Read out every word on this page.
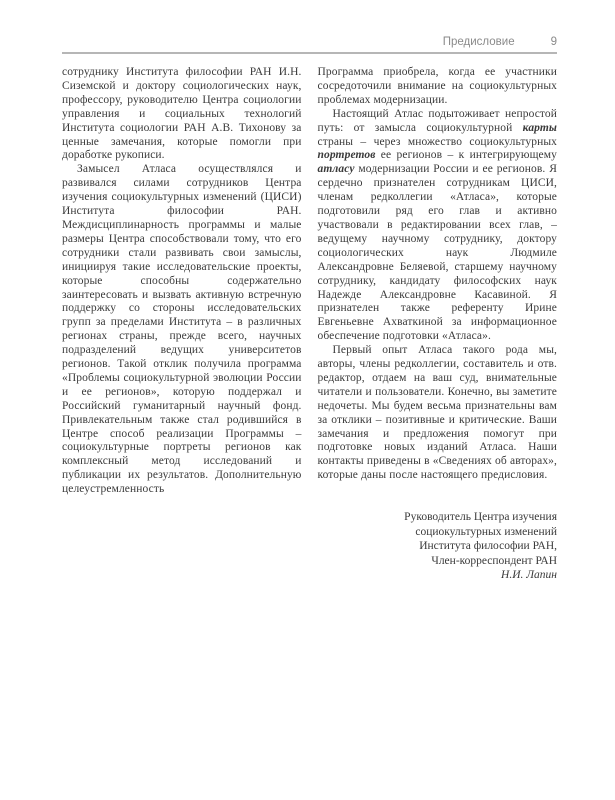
Предисловие	9

сотруднику Института философии РАН И.Н. Сиземской и доктору социологических наук, профессору, руководителю Центра социологии управления и социальных технологий Института социологии РАН А.В. Тихонову за ценные замечания, которые помогли при доработке рукописи.

Замысел Атласа осуществлялся и развивался силами сотрудников Центра изучения социокультурных изменений (ЦИСИ) Института философии РАН. Междисциплинарность программы и малые размеры Центра способствовали тому, что его сотрудники стали развивать свои замыслы, инициируя такие исследовательские проекты, которые способны содержательно заинтересовать и вызвать активную встречную поддержку со стороны исследовательских групп за пределами Института – в различных регионах страны, прежде всего, научных подразделений ведущих университетов регионов. Такой отклик получила программа «Проблемы социокультурной эволюции России и ее регионов», которую поддержал и Российский гуманитарный научный фонд. Привлекательным также стал родившийся в Центре способ реализации Программы – социокультурные портреты регионов как комплексный метод исследований и публикации их результатов. Дополнительную целеустремленность

Программа приобрела, когда ее участники сосредоточили внимание на социокультурных проблемах модернизации.

Настоящий Атлас подытоживает непростой путь: от замысла социокультурной карты страны – через множество социокультурных портретов ее регионов – к интегрирующему атласу модернизации России и ее регионов. Я сердечно признателен сотрудникам ЦИСИ, членам редколлегии «Атласа», которые подготовили ряд его глав и активно участвовали в редактировании всех глав, – ведущему научному сотруднику, доктору социологических наук Людмиле Александровне Беляевой, старшему научному сотруднику, кандидату философских наук Надежде Александровне Касавиной. Я признателен также референту Ирине Евгеньевне Ахваткиной за информационное обеспечение подготовки «Атласа».

Первый опыт Атласа такого рода мы, авторы, члены редколлегии, составитель и отв. редактор, отдаем на ваш суд, внимательные читатели и пользователи. Конечно, вы заметите недочеты. Мы будем весьма признательны вам за отклики – позитивные и критические. Ваши замечания и предложения помогут при подготовке новых изданий Атласа. Наши контакты приведены в «Сведениях об авторах», которые даны после настоящего предисловия.

Руководитель Центра изучения
социокультурных изменений
Института философии РАН,
Член-корреспондент РАН
Н.И. Лапин
